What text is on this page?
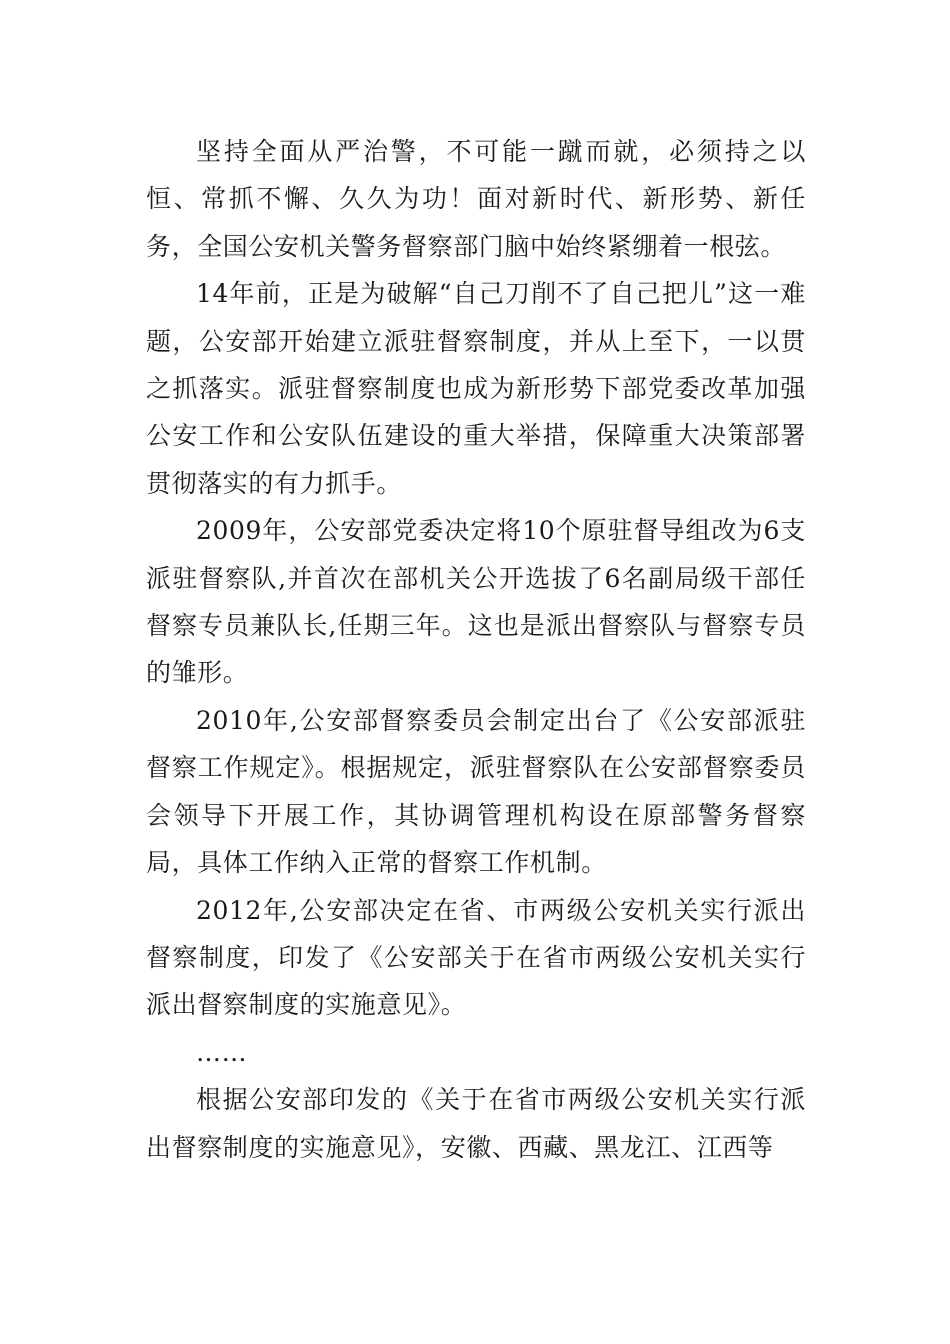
坚持全面从严治警，不可能一蹴而就，必须持之以恒、常抓不懈、久久为功！面对新时代、新形势、新任务，全国公安机关警务督察部门脑中始终紧绷着一根弦。

14年前，正是为破解“自己刀削不了自己把儿”这一难题，公安部开始建立派驻督察制度，并从上至下，一以贯之抓落实。派驻督察制度也成为新形势下部党委改革加强公安工作和公安队伍建设的重大举措，保障重大决策部署贯彻落实的有力抓手。

2009年，公安部党委决定将10个原驻督导组改为6支派驻督察队,并首次在部机关公开选拔了6名副局级干部任督察专员兼队长,任期三年。这也是派出督察队与督察专员的雏形。

2010年,公安部督察委员会制定出台了《公安部派驻督察工作规定》。根据规定，派驻督察队在公安部督察委员会领导下开展工作，其协调管理机构设在原部警务督察局，具体工作纳入正常的督察工作机制。

2012年,公安部决定在省、市两级公安机关实行派出督察制度，印发了《公安部关于在省市两级公安机关实行派出督察制度的实施意见》。

……

根据公安部印发的《关于在省市两级公安机关实行派出督察制度的实施意见》，安徽、西藏、黑龙江、江西等
